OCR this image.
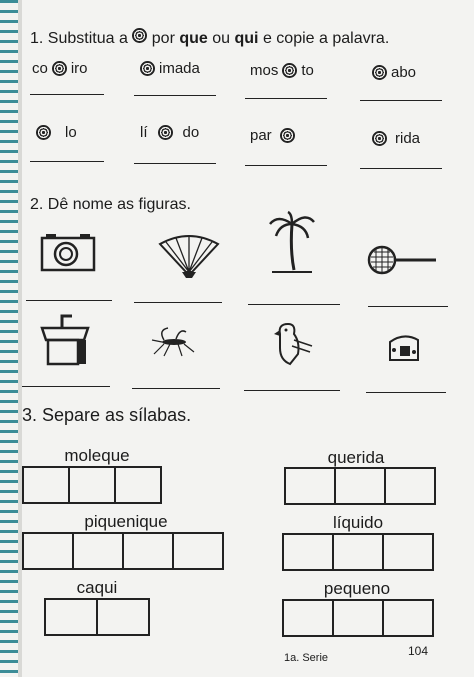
1. Substitua a por que ou qui e copie a palavra.
co iro	imada	mos to	abo
lo	lí do	par	rida
2. Dê nome as figuras.
3. Separe as sílabas.
moleque	querida
piquenique	líquido
caqui	pequeno
1a. Serie	104
